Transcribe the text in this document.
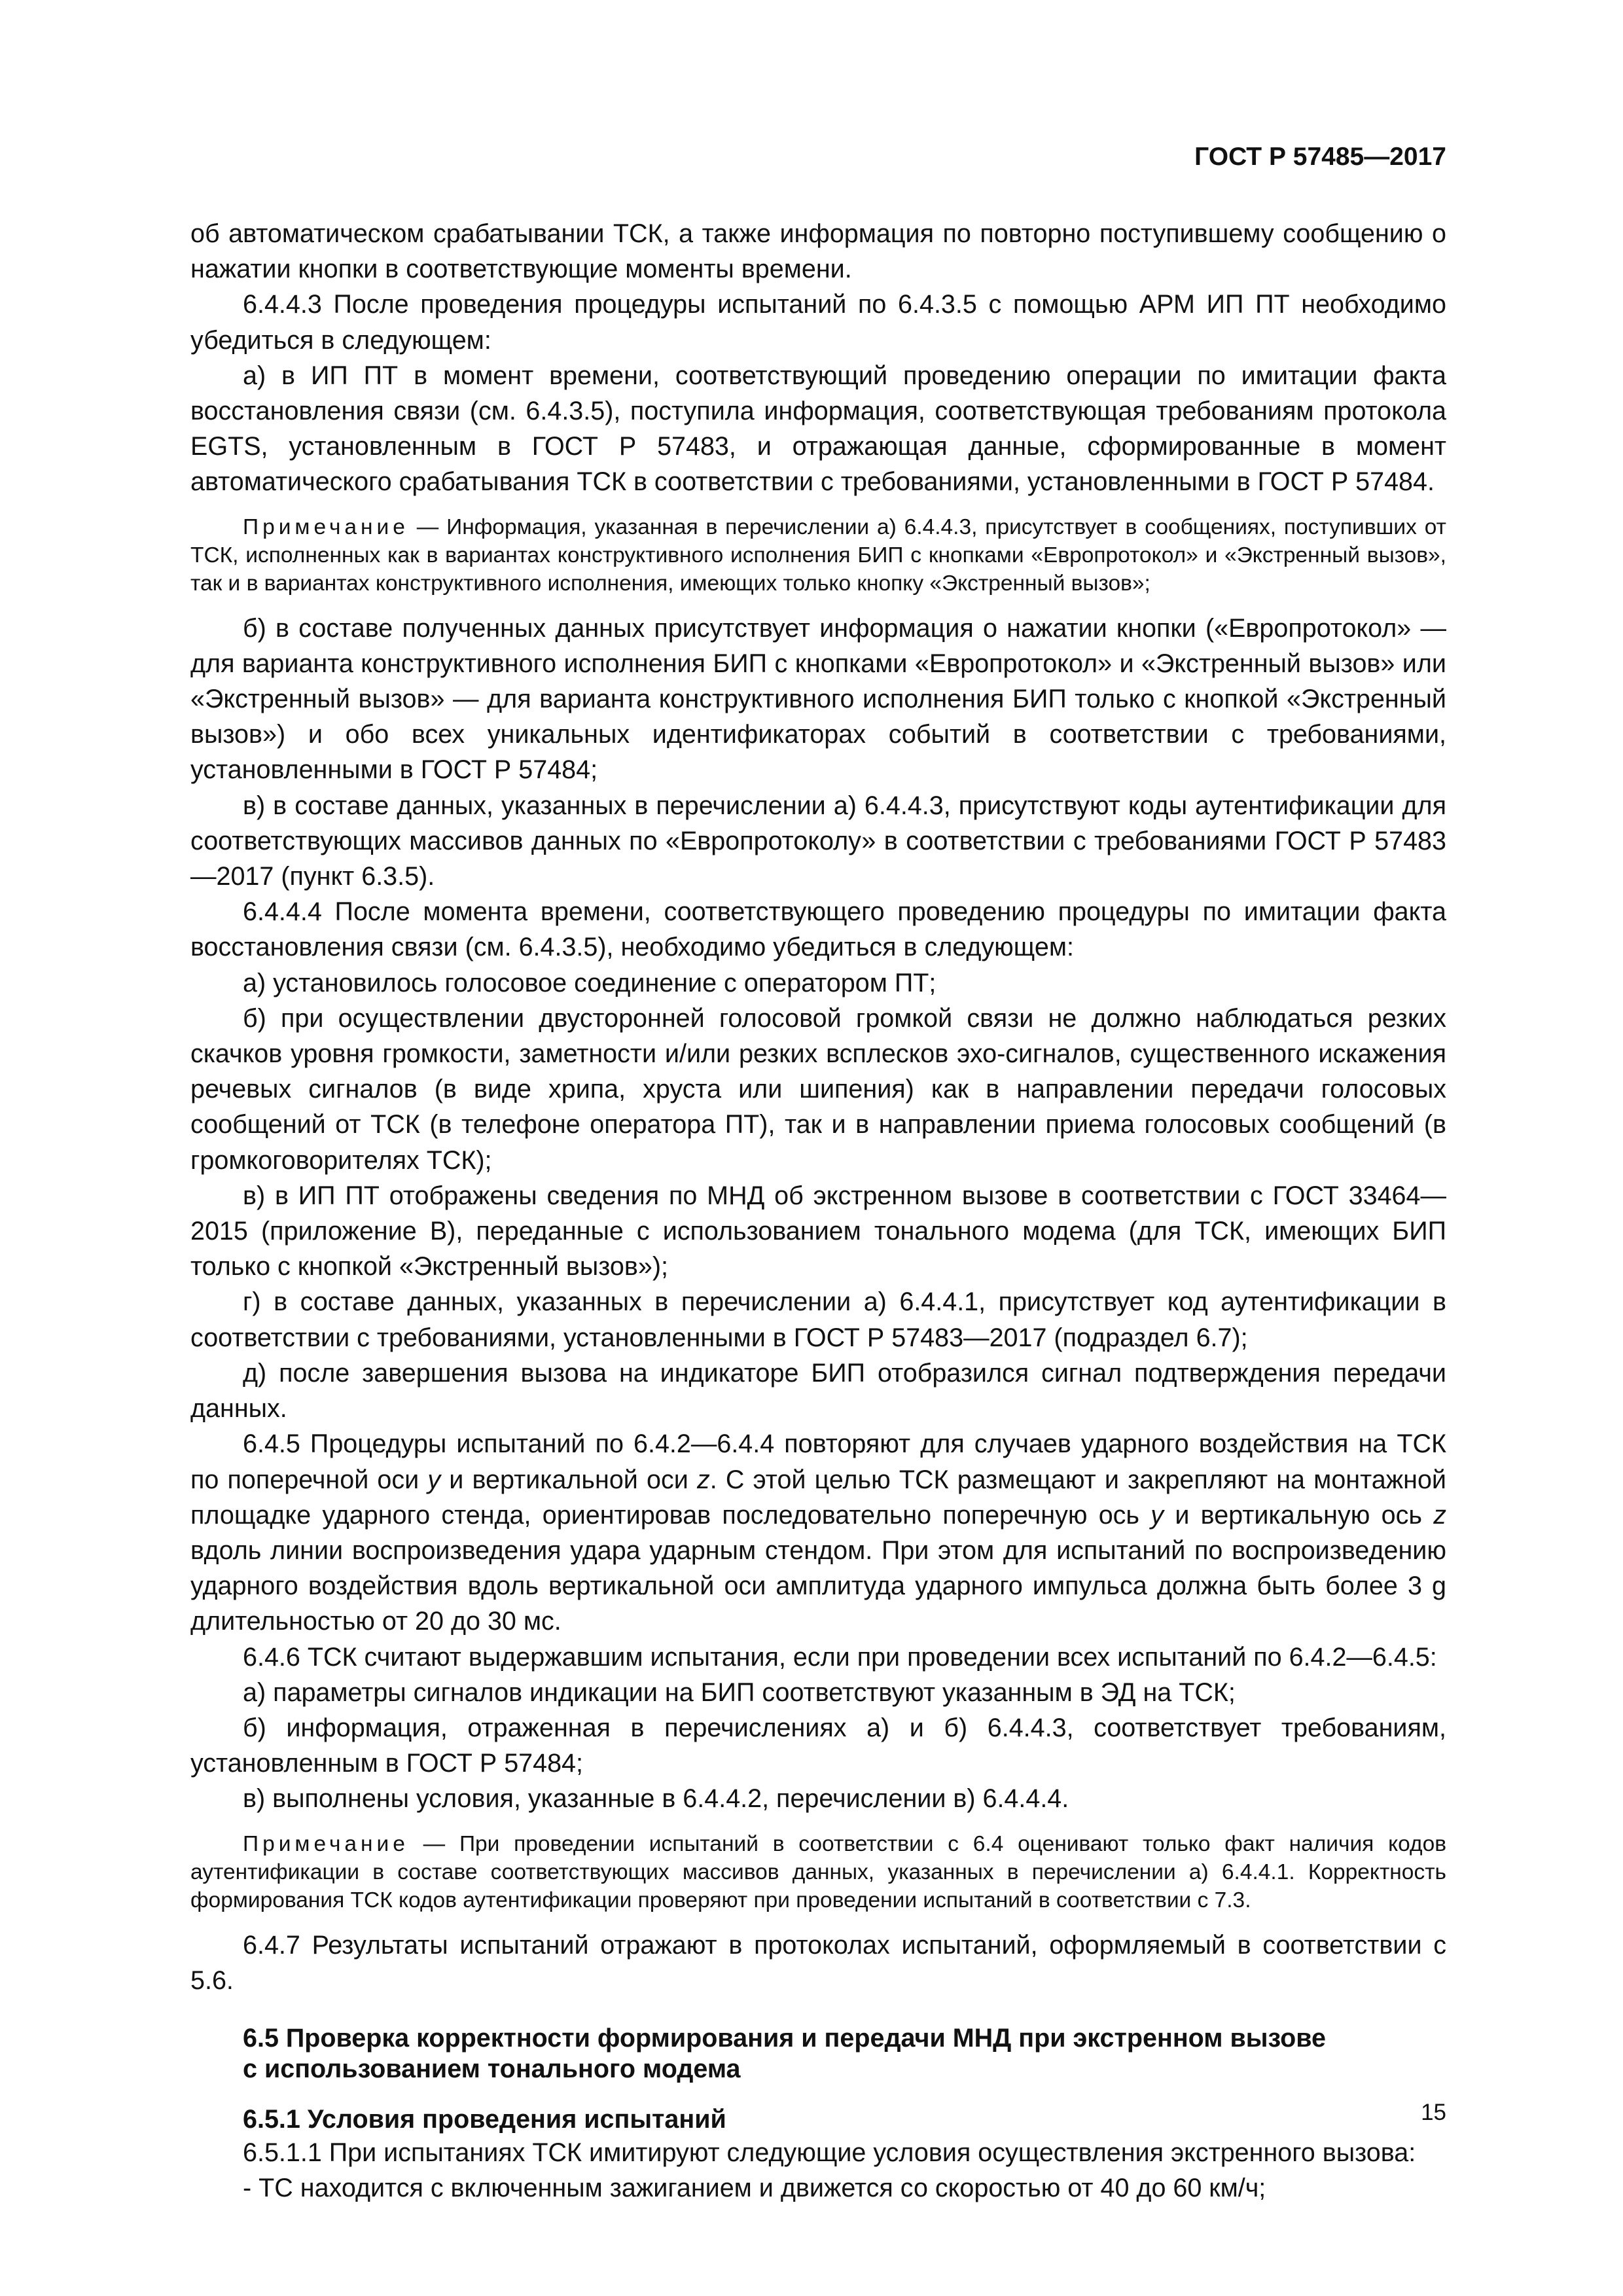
ГОСТ Р 57485—2017

об автоматическом срабатывании ТСК, а также информация по повторно поступившему сообщению о нажатии кнопки в соответствующие моменты времени.

6.4.4.3 После проведения процедуры испытаний по 6.4.3.5 с помощью АРМ ИП ПТ необходимо убедиться в следующем:

а) в ИП ПТ в момент времени, соответствующий проведению операции по имитации факта восстановления связи (см. 6.4.3.5), поступила информация, соответствующая требованиям протокола EGTS, установленным в ГОСТ Р 57483, и отражающая данные, сформированные в момент автоматического срабатывания ТСК в соответствии с требованиями, установленными в ГОСТ Р 57484.

Примечание — Информация, указанная в перечислении а) 6.4.4.3, присутствует в сообщениях, поступивших от ТСК, исполненных как в вариантах конструктивного исполнения БИП с кнопками «Европротокол» и «Экстренный вызов», так и в вариантах конструктивного исполнения, имеющих только кнопку «Экстренный вызов»;

б) в составе полученных данных присутствует информация о нажатии кнопки («Европротокол» — для варианта конструктивного исполнения БИП с кнопками «Европротокол» и «Экстренный вызов» или «Экстренный вызов» — для варианта конструктивного исполнения БИП только с кнопкой «Экстренный вызов») и обо всех уникальных идентификаторах событий в соответствии с требованиями, установленными в ГОСТ Р 57484;

в) в составе данных, указанных в перечислении а) 6.4.4.3, присутствуют коды аутентификации для соответствующих массивов данных по «Европротоколу» в соответствии с требованиями ГОСТ Р 57483—2017 (пункт 6.3.5).

6.4.4.4 После момента времени, соответствующего проведению процедуры по имитации факта восстановления связи (см. 6.4.3.5), необходимо убедиться в следующем:

а) установилось голосовое соединение с оператором ПТ;

б) при осуществлении двусторонней голосовой громкой связи не должно наблюдаться резких скачков уровня громкости, заметности и/или резких всплесков эхо-сигналов, существенного искажения речевых сигналов (в виде хрипа, хруста или шипения) как в направлении передачи голосовых сообщений от ТСК (в телефоне оператора ПТ), так и в направлении приема голосовых сообщений (в громкоговорителях ТСК);

в) в ИП ПТ отображены сведения по МНД об экстренном вызове в соответствии с ГОСТ 33464—2015 (приложение В), переданные с использованием тонального модема (для ТСК, имеющих БИП только с кнопкой «Экстренный вызов»);

г) в составе данных, указанных в перечислении а) 6.4.4.1, присутствует код аутентификации в соответствии с требованиями, установленными в ГОСТ Р 57483—2017 (подраздел 6.7);

д) после завершения вызова на индикаторе БИП отобразился сигнал подтверждения передачи данных.

6.4.5 Процедуры испытаний по 6.4.2—6.4.4 повторяют для случаев ударного воздействия на ТСК по поперечной оси у и вертикальной оси z. С этой целью ТСК размещают и закрепляют на монтажной площадке ударного стенда, ориентировав последовательно поперечную ось у и вертикальную ось z вдоль линии воспроизведения удара ударным стендом. При этом для испытаний по воспроизведению ударного воздействия вдоль вертикальной оси амплитуда ударного импульса должна быть более 3 g длительностью от 20 до 30 мс.

6.4.6 ТСК считают выдержавшим испытания, если при проведении всех испытаний по 6.4.2—6.4.5:

а) параметры сигналов индикации на БИП соответствуют указанным в ЭД на ТСК;

б) информация, отраженная в перечислениях а) и б) 6.4.4.3, соответствует требованиям, установленным в ГОСТ Р 57484;

в) выполнены условия, указанные в 6.4.4.2, перечислении в) 6.4.4.4.

Примечание — При проведении испытаний в соответствии с 6.4 оценивают только факт наличия кодов аутентификации в составе соответствующих массивов данных, указанных в перечислении а) 6.4.4.1. Корректность формирования ТСК кодов аутентификации проверяют при проведении испытаний в соответствии с 7.3.

6.4.7 Результаты испытаний отражают в протоколах испытаний, оформляемый в соответствии с 5.6.

6.5 Проверка корректности формирования и передачи МНД при экстренном вызове
с использованием тонального модема
6.5.1 Условия проведения испытаний

6.5.1.1 При испытаниях ТСК имитируют следующие условия осуществления экстренного вызова:

- ТС находится с включенным зажиганием и движется со скоростью от 40 до 60 км/ч;

15
